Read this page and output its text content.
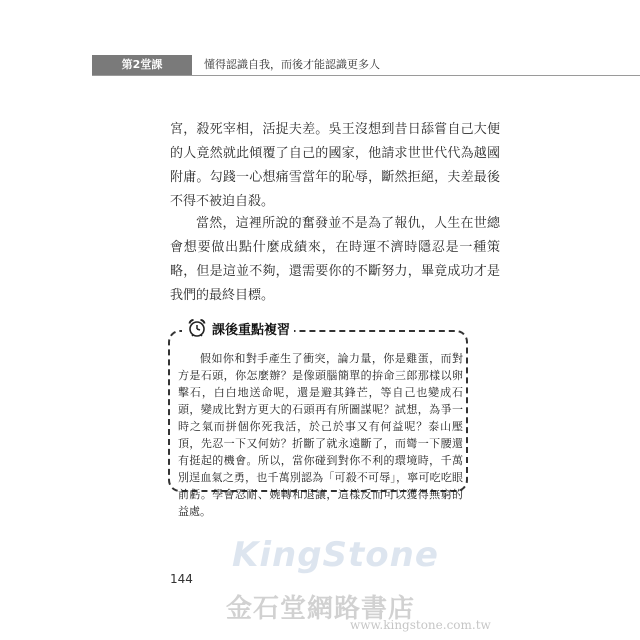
第2堂課	懂得認識自我，而後才能認識更多人

宮，殺死宰相，活捉夫差。吳王沒想到昔日舔嘗自己大便的人竟然就此傾覆了自己的國家，他請求世世代代為越國附庸。勾踐一心想痛雪當年的恥辱，斷然拒絕，夫差最後不得不被迫自殺。

當然，這裡所說的奮發並不是為了報仇，人生在世總會想要做出點什麼成績來，在時運不濟時隱忍是一種策略，但是這並不夠，還需要你的不斷努力，畢竟成功才是我們的最終目標。

課後重點複習

假如你和對手產生了衝突，論力量，你是雞蛋，而對方是石頭，你怎麼辦？是像頭腦簡單的拚命三郎那樣以卵擊石，白白地送命呢，還是避其鋒芒，等自己也變成石頭，變成比對方更大的石頭再有所圖謀呢？試想，為爭一時之氣而拼個你死我活，於己於事又有何益呢？泰山壓頂，先忍一下又何妨？折斷了就永遠斷了，而彎一下腰還有挺起的機會。所以，當你碰到對你不利的環境時，千萬別逞血氣之勇，也千萬別認為「可殺不可辱」，寧可吃吃眼前虧。學會忍耐、婉轉和退讓，這樣反而可以獲得無窮的益處。

144
KingStone
金石堂網路書店
www.kingstone.com.tw
